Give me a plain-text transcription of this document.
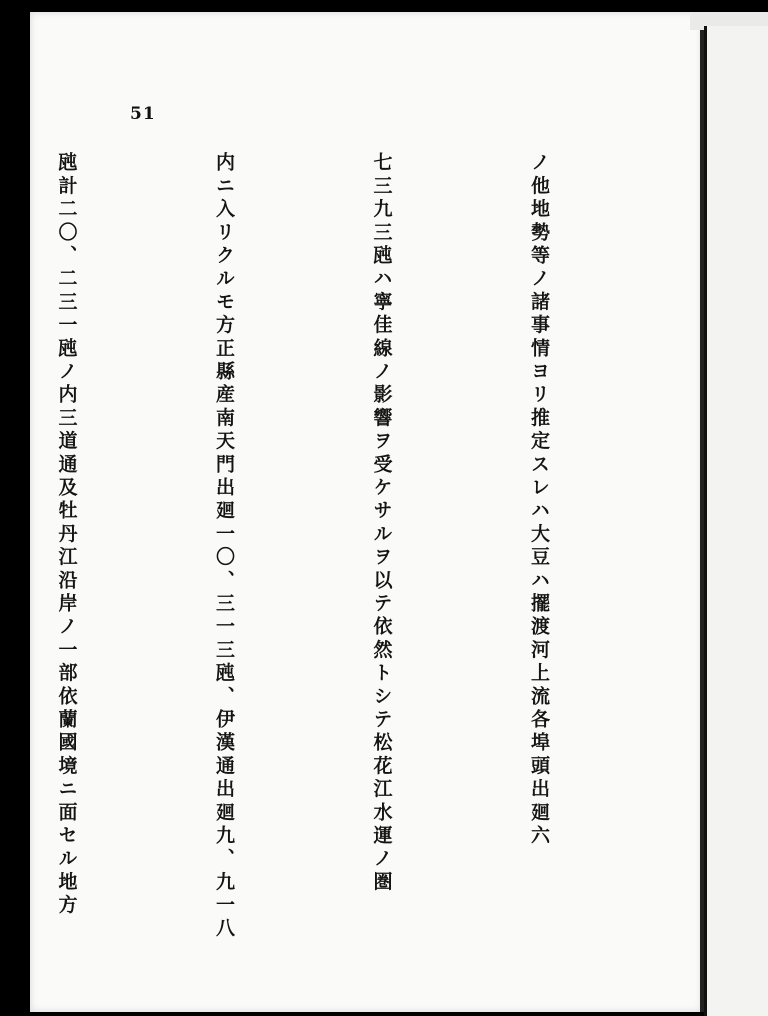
51

ノ他地勢等ノ諸事情ヨリ推定スレハ大豆ハ擺渡河上流各埠頭出廻六

七三九三瓲ハ寧佳線ノ影響ヲ受ケサルヲ以テ依然トシテ松花江水運ノ圏

内ニ入リクルモ方正縣産南天門出廻一〇、三一三瓲、伊漢通出廻九、九一八

瓲計二〇、二三一瓲ノ内三道通及牡丹江沿岸ノ一部依蘭國境ニ面セル地方
